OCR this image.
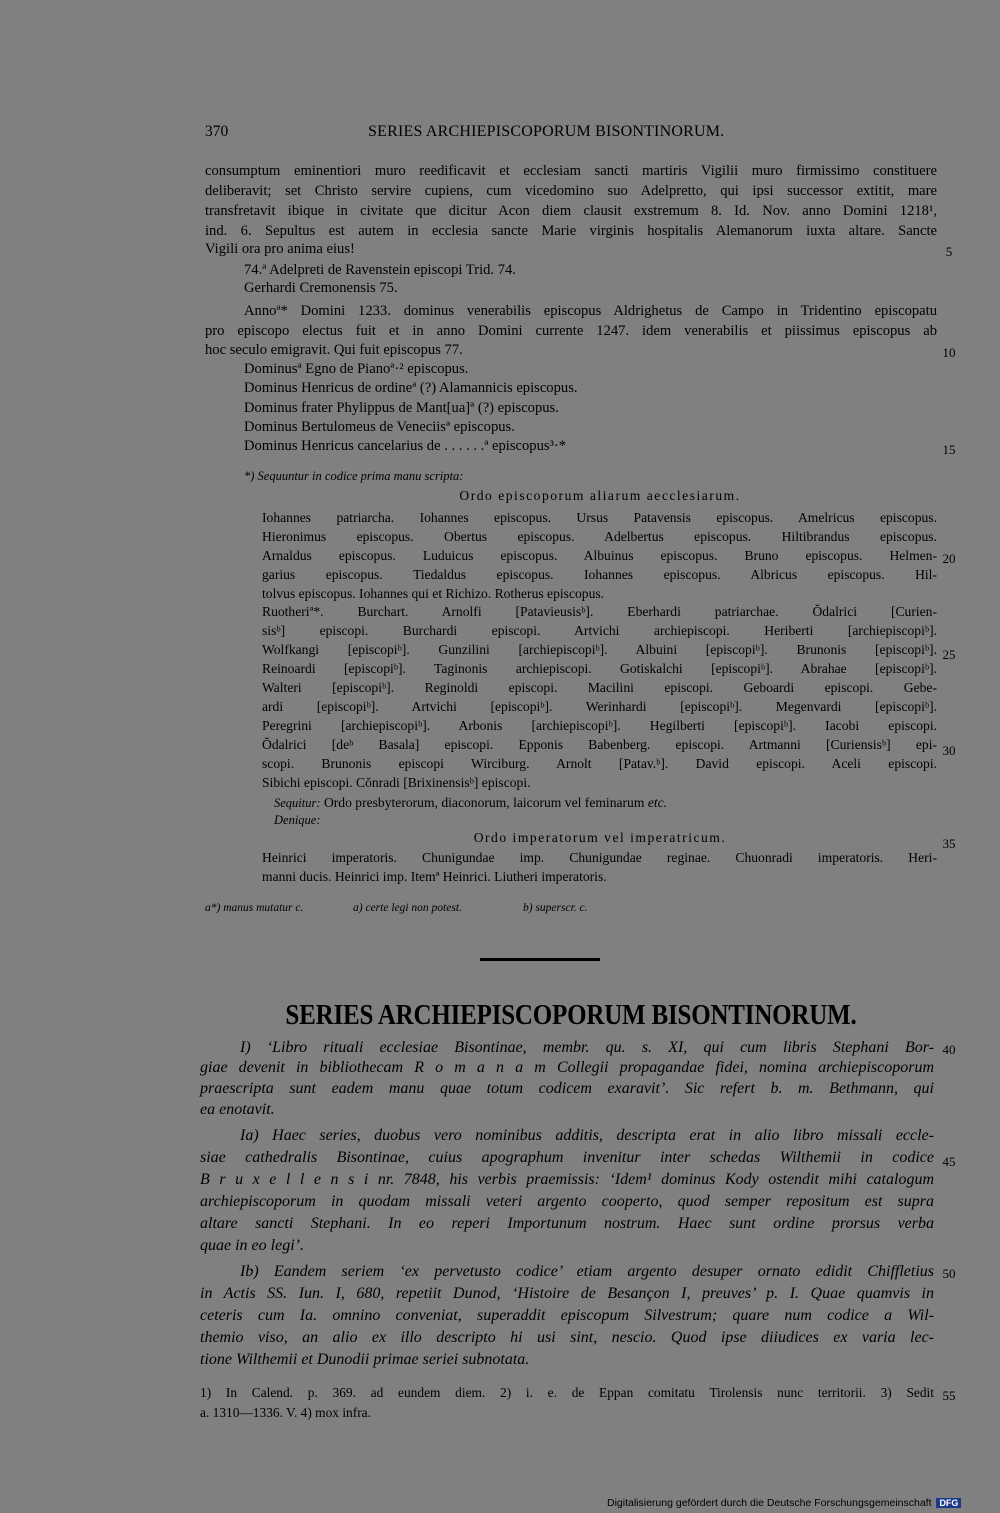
370	SERIES ARCHIEPISCOPORUM BISONTINORUM.
consumptum eminentiori muro reedificavit et ecclesiam sancti martiris Vigilii muro firmissimo constituere
deliberavit; set Christo servire cupiens, cum vicedomino suo Adelpretto, qui ipsi successor extitit, mare
transfretavit ibique in civitate que dicitur Acon diem clausit exstremum 8. Id. Nov. anno Domini 1218¹,
ind. 6. Sepultus est autem in ecclesia sancte Marie virginis hospitalis Alemanorum iuxta altare. Sancte
Vigili ora pro anima eius!	5
74.ª Adelpreti de Ravenstein episcopi Trid. 74.
Gerhardi Cremonensis 75.
Annoª* Domini 1233. dominus venerabilis episcopus Aldrighetus de Campo in Tridentino episcopatu
pro episcopo electus fuit et in anno Domini currente 1247. idem venerabilis et piissimus episcopus ab
hoc seculo emigravit. Qui fuit episcopus 77.	10
Dominusª Egno de Pianoª·² episcopus.
Dominus Henricus de ordineª (?) Alamannicis episcopus.
Dominus frater Phylippus de Mant[ua]ª (?) episcopus.
Dominus Bertulomeus de Veneciisª episcopus.
Dominus Henricus cancelarius de . . . . . .ª episcopus³·*	15
*) Sequuntur in codice prima manu scripta:
Ordo episcoporum aliarum aecclesiarum.
Iohannes patriarcha. Iohannes episcopus. Ursus Patavensis episcopus. Amelricus episcopus.
Hieronimus episcopus. Obertus episcopus. Adelbertus episcopus. Hiltibrandus episcopus.
Arnaldus episcopus. Luduicus episcopus. Albuinus episcopus. Bruno episcopus. Helmen-
garius episcopus. Tiedaldus episcopus. Iohannes episcopus. Albricus episcopus. Hil-
tolvus episcopus. Iohannes qui et Richizo. Rotherus episcopus.
Ruotheriª*. Burchart. Arnolfi [Patavieusisᵇ]. Eberhardi patriarchae. Ŏdalrici [Curien-
sisᵇ] episcopi. Burchardi episcopi. Artvichi archiepiscopi. Heriberti [archiepiscopiᵇ].
Wolfkangi [episcopiᵇ]. Gunzilini [archiepiscopiᵇ]. Albuini [episcopiᵇ]. Brunonis [episcopiᵇ].
Reinoardi [episcopiᵇ]. Taginonis archiepiscopi. Gotiskalchi [episcopiᵇ]. Abrahae [episcopiᵇ].
Walteri [episcopiᵇ]. Reginoldi episcopi. Macilini episcopi. Geboardi episcopi. Gebe-
ardi [episcopiᵇ]. Artvichi [episcopiᵇ]. Werinhardi [episcopiᵇ]. Megenvardi [episcopiᵇ].
Peregrini [archiepiscopiᵇ]. Arbonis [archiepiscopiᵇ]. Hegilberti [episcopiᵇ]. Iacobi episcopi.
Ŏdalrici [deᵇ Basala] episcopi. Epponis Babenberg. episcopi. Artmanni [Curiensisᵇ] epi-
scopi. Brunonis episcopi Wirciburg. Arnolt [Patav.ᵇ]. David episcopi. Aceli episcopi.
Sibichi episcopi. Cŏnradi [Brixinensisᵇ] episcopi.
20
25
30
Sequitur: Ordo presbyterorum, diaconorum, laicorum vel feminarum etc.
Denique:
Ordo imperatorum vel imperatricum.	35
Heinrici imperatoris. Chunigundae imp. Chunigundae reginae. Chuonradi imperatoris. Heri-
manni ducis. Heinrici imp. Itemª Heinrici. Liutheri imperatoris.
a*) manus mutatur c.	a) certe legi non potest.	b) superscr. c.
SERIES ARCHIEPISCOPORUM BISONTINORUM.
I) ‘Libro rituali ecclesiae Bisontinae, membr. qu. s. XI, qui cum libris Stephani Bor-
giae devenit in bibliothecam R o m a n a m Collegii propagandae fidei, nomina archiepiscoporum
praescripta sunt eadem manu quae totum codicem exaravit’. Sic refert b. m. Bethmann, qui
ea enotavit.
Ia) Haec series, duobus vero nominibus additis, descripta erat in alio libro missali eccle-
siae cathedralis Bisontinae, cuius apographum invenitur inter schedas Wilthemii in codice
B r u x e l l e n s i nr. 7848, his verbis praemissis: ‘Idem¹ dominus Kody ostendit mihi catalogum
archiepiscoporum in quodam missali veteri argento cooperto, quod semper repositum est supra
altare sancti Stephani. In eo reperi Importunum nostrum. Haec sunt ordine prorsus verba
quae in eo legi’.
Ib) Eandem seriem ‘ex pervetusto codice’ etiam argento desuper ornato edidit Chiffletius
in Actis SS. Iun. I, 680, repetiit Dunod, ‘Histoire de Besançon I, preuves’ p. I. Quae quamvis in
ceteris cum Ia. omnino conveniat, superaddit episcopum Silvestrum; quare num codice a Wil-
themio viso, an alio ex illo descripto hi usi sint, nescio. Quod ipse diiudices ex varia lec-
tione Wilthemii et Dunodii primae seriei subnotata.
40
45
50
1) In Calend. p. 369. ad eundem diem. 2) i. e. de Eppan comitatu Tirolensis nunc territorii. 3) Sedit
a. 1310—1336. V. 4) mox infra.
55
Digitalisierung gefördert durch die Deutsche Forschungsgemeinschaft DFG
